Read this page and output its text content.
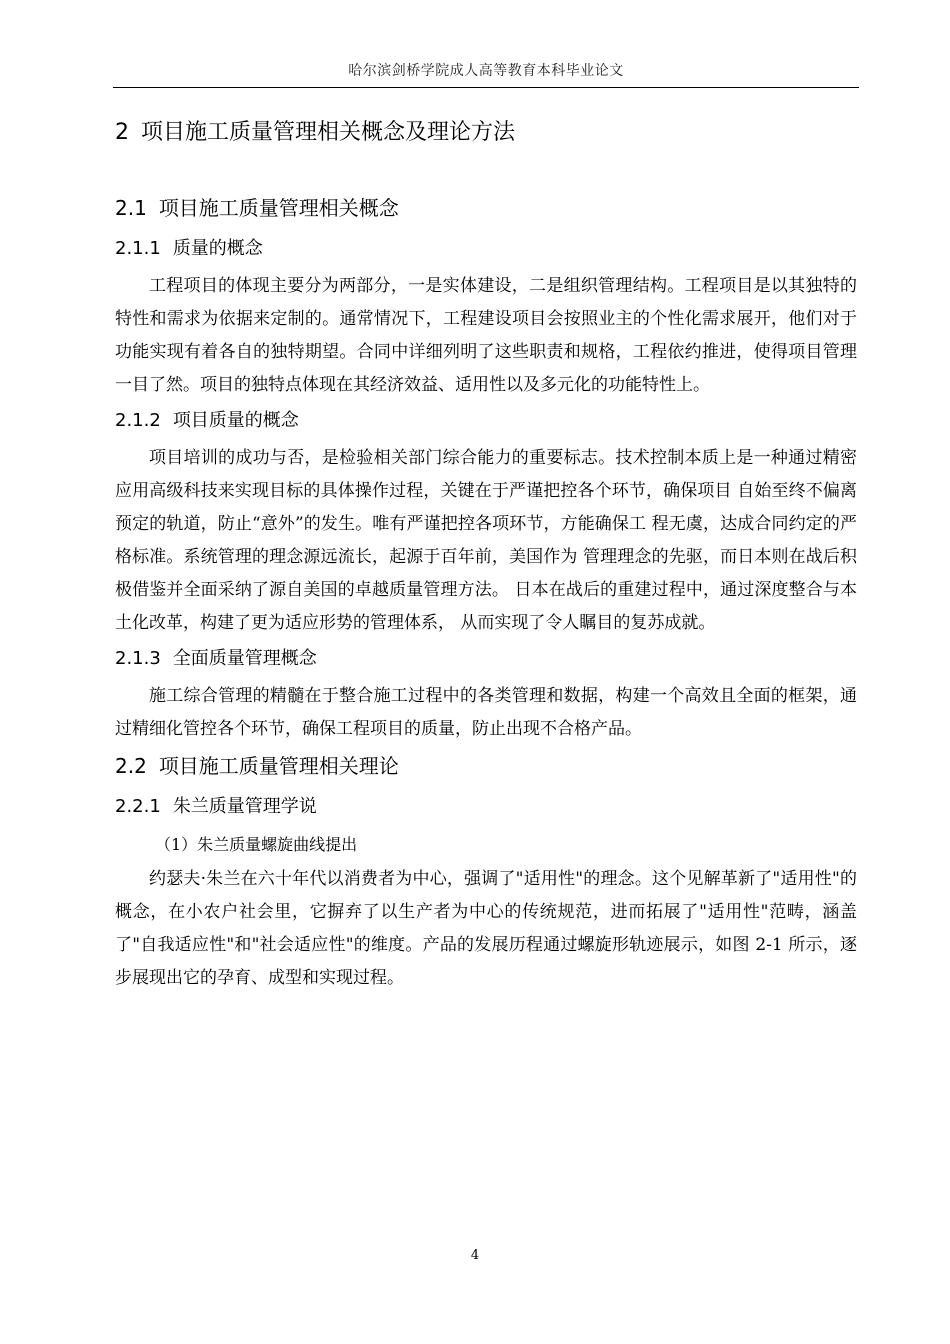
哈尔滨剑桥学院成人高等教育本科毕业论文
2 项目施工质量管理相关概念及理论方法
2.1 项目施工质量管理相关概念
2.1.1 质量的概念

工程项目的体现主要分为两部分，一是实体建设，二是组织管理结构。工程项目是以其独特的特性和需求为依据来定制的。通常情况下，工程建设项目会按照业主的个性化需求展开，他们对于功能实现有着各自的独特期望。合同中详细列明了这些职责和规格，工程依约推进，使得项目管理一目了然。项目的独特点体现在其经济效益、适用性以及多元化的功能特性上。

2.1.2 项目质量的概念

项目培训的成功与否，是检验相关部门综合能力的重要标志。技术控制本质上是一种通过精密应用高级科技来实现目标的具体操作过程，关键在于严谨把控各个环节，确保项目 自始至终不偏离预定的轨道，防止“意外”的发生。唯有严谨把控各项环节，方能确保工 程无虞，达成合同约定的严格标准。系统管理的理念源远流长，起源于百年前，美国作为 管理理念的先驱，而日本则在战后积极借鉴并全面采纳了源自美国的卓越质量管理方法。 日本在战后的重建过程中，通过深度整合与本土化改革，构建了更为适应形势的管理体系， 从而实现了令人瞩目的复苏成就。

2.1.3 全面质量管理概念

施工综合管理的精髓在于整合施工过程中的各类管理和数据，构建一个高效且全面的框架，通过精细化管控各个环节，确保工程项目的质量，防止出现不合格产品。

2.2 项目施工质量管理相关理论
2.2.1 朱兰质量管理学说

（1）朱兰质量螺旋曲线提出

约瑟夫·朱兰在六十年代以消费者为中心，强调了"适用性"的理念。这个见解革新了"适用性"的概念，在小农户社会里，它摒弃了以生产者为中心的传统规范，进而拓展了"适用性"范畴，涵盖了"自我适应性"和"社会适应性"的维度。产品的发展历程通过螺旋形轨迹展示，如图 2-1 所示，逐步展现出它的孕育、成型和实现过程。

4
